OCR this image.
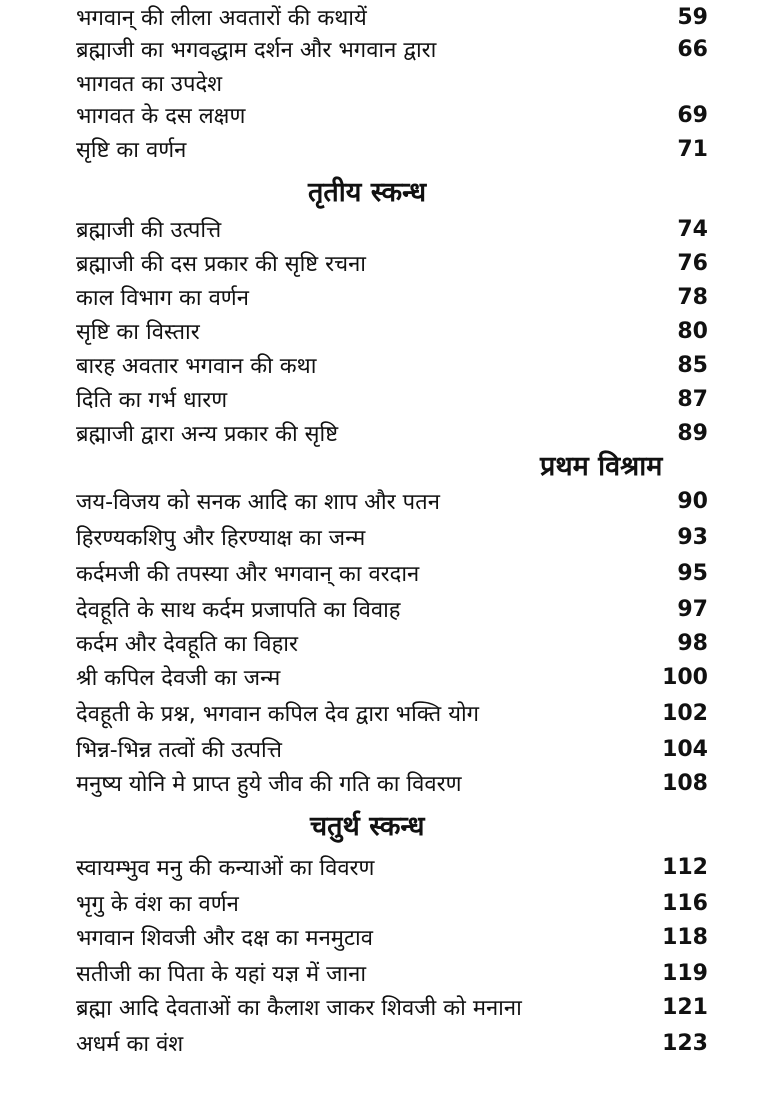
भगवान् की लीला अवतारों की कथायें	59
ब्रह्माजी का भगवद्धाम दर्शन और भगवान द्वारा	66
भागवत का उपदेश
भागवत के दस लक्षण	69
सृष्टि का वर्णन	71
तृतीय स्कन्ध
ब्रह्माजी की उत्पत्ति	74
ब्रह्माजी की दस प्रकार की सृष्टि रचना	76
काल विभाग का वर्णन	78
सृष्टि का विस्तार	80
बारह अवतार भगवान की कथा	85
दिति का गर्भ धारण	87
ब्रह्माजी द्वारा अन्य प्रकार की सृष्टि	89
प्रथम विश्राम
जय-विजय को सनक आदि का शाप और पतन	90
हिरण्यकशिपु और हिरण्याक्ष का जन्म	93
कर्दमजी की तपस्या और भगवान् का वरदान	95
देवहूति के साथ कर्दम प्रजापति का विवाह	97
कर्दम और देवहूति का विहार	98
श्री कपिल देवजी का जन्म	100
देवहूती के प्रश्न, भगवान कपिल देव द्वारा भक्ति योग	102
भिन्न-भिन्न तत्वों की उत्पत्ति	104
मनुष्य योनि मे प्राप्त हुये जीव की गति का विवरण	108
चतुर्थ स्कन्ध
स्वायम्भुव मनु की कन्याओं का विवरण	112
भृगु के वंश का वर्णन	116
भगवान शिवजी और दक्ष का मनमुटाव	118
सतीजी का पिता के यहां यज्ञ में जाना	119
ब्रह्मा आदि देवताओं का कैलाश जाकर शिवजी को मनाना	121
अधर्म का वंश	123
